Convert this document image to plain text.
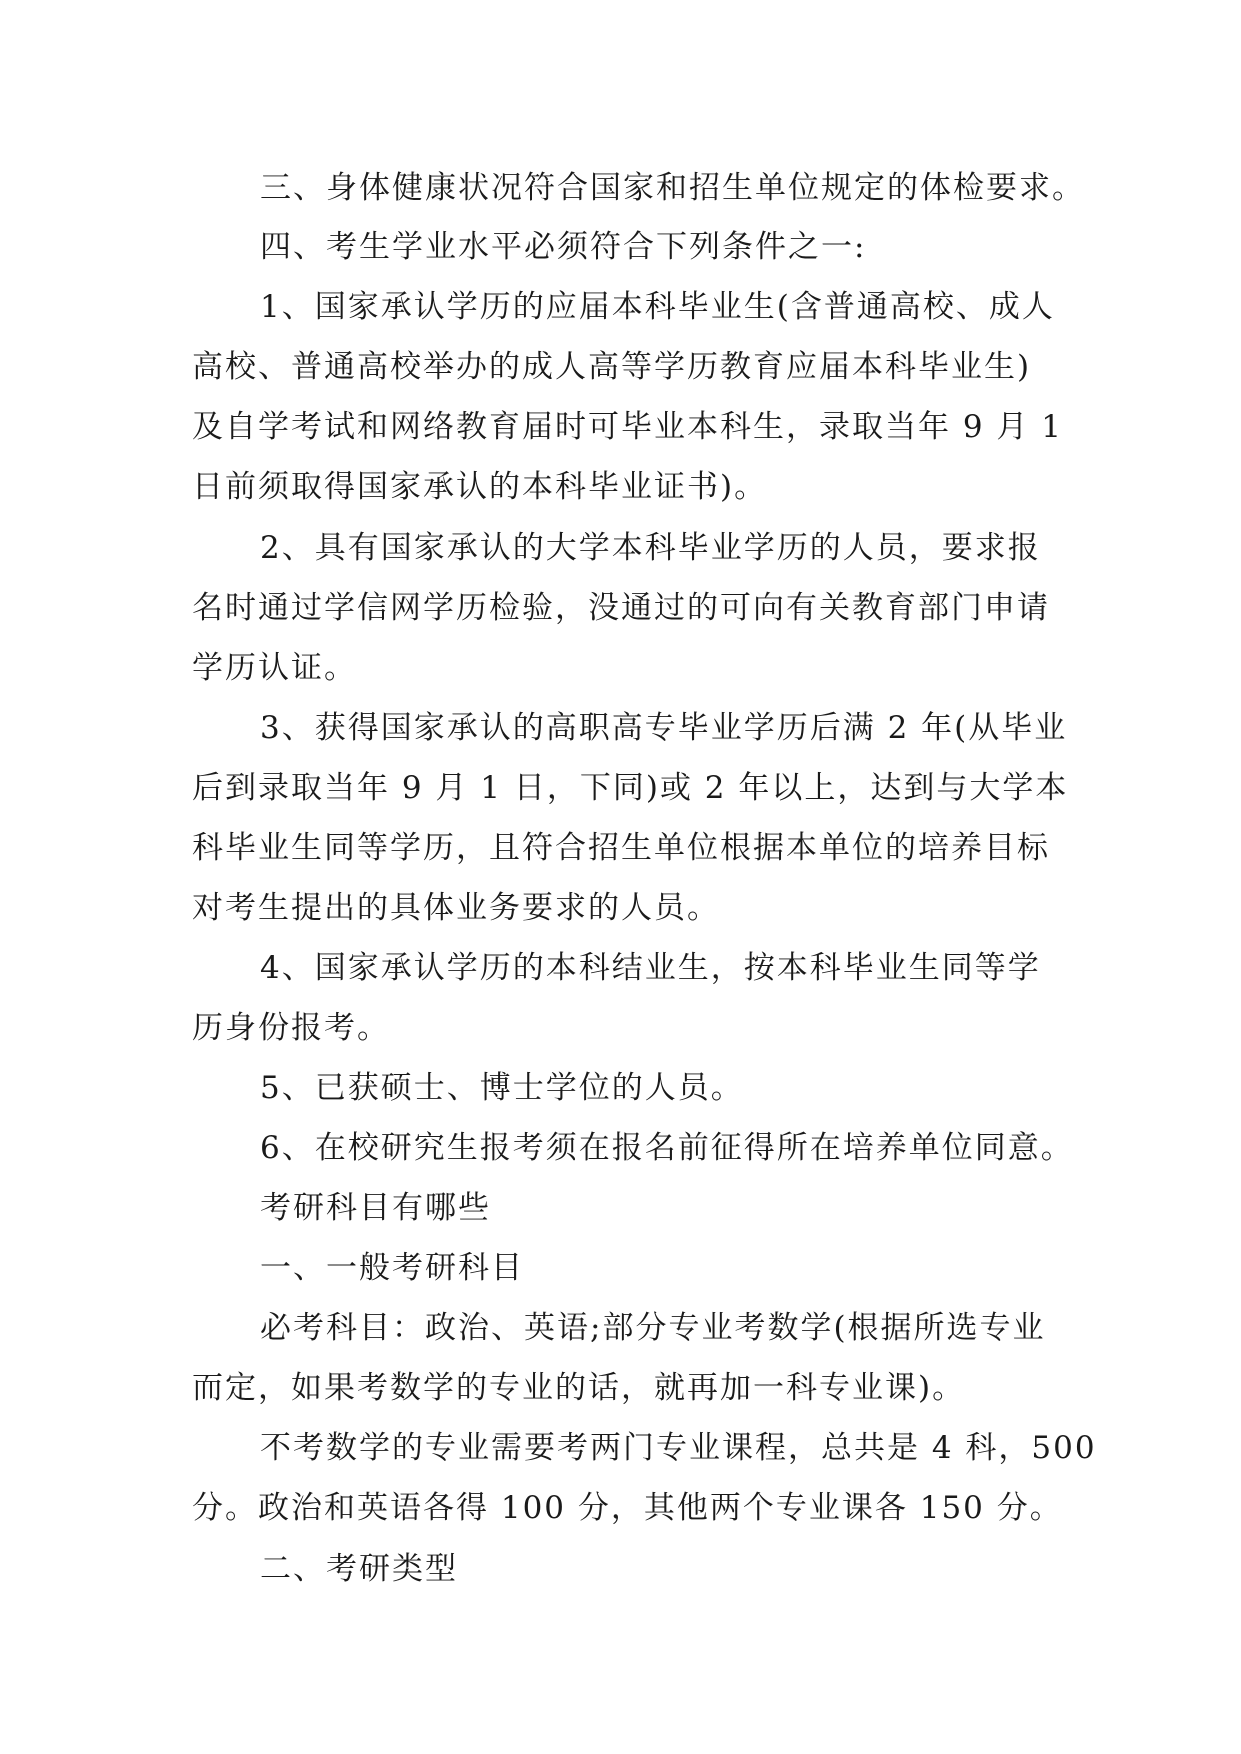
三、身体健康状况符合国家和招生单位规定的体检要求。
四、考生学业水平必须符合下列条件之一:
1、国家承认学历的应届本科毕业生(含普通高校、成人
高校、普通高校举办的成人高等学历教育应届本科毕业生)
及自学考试和网络教育届时可毕业本科生，录取当年 9 月 1
日前须取得国家承认的本科毕业证书)。
2、具有国家承认的大学本科毕业学历的人员，要求报
名时通过学信网学历检验，没通过的可向有关教育部门申请
学历认证。
3、获得国家承认的高职高专毕业学历后满 2 年(从毕业
后到录取当年 9 月 1 日，下同)或 2 年以上，达到与大学本
科毕业生同等学历，且符合招生单位根据本单位的培养目标
对考生提出的具体业务要求的人员。
4、国家承认学历的本科结业生，按本科毕业生同等学
历身份报考。
5、已获硕士、博士学位的人员。
6、在校研究生报考须在报名前征得所在培养单位同意。
考研科目有哪些
一、一般考研科目
必考科目：政治、英语;部分专业考数学(根据所选专业
而定，如果考数学的专业的话，就再加一科专业课)。
不考数学的专业需要考两门专业课程，总共是 4 科，500
分。政治和英语各得 100 分，其他两个专业课各 150 分。
二、考研类型
